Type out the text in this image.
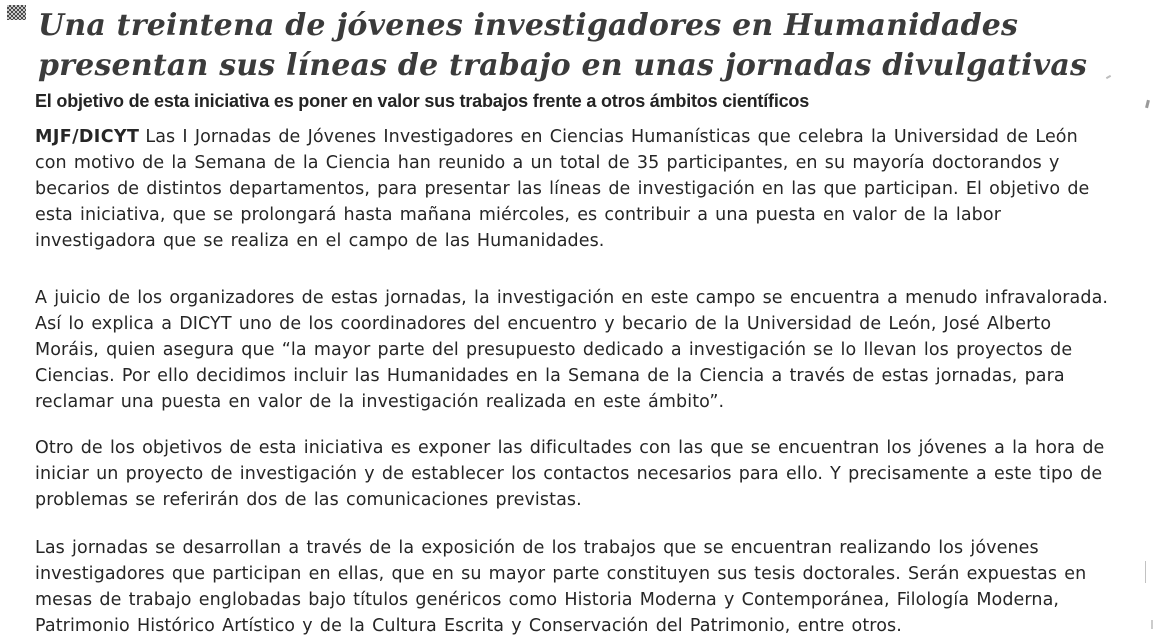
Una treintena de jóvenes investigadores en Humanidades
presentan sus líneas de trabajo en unas jornadas divulgativas
El objetivo de esta iniciativa es poner en valor sus trabajos frente a otros ámbitos científicos
MJF/DICYT Las I Jornadas de Jóvenes Investigadores en Ciencias Humanísticas que celebra la Universidad de León
con motivo de la Semana de la Ciencia han reunido a un total de 35 participantes, en su mayoría doctorandos y
becarios de distintos departamentos, para presentar las líneas de investigación en las que participan. El objetivo de
esta iniciativa, que se prolongará hasta mañana miércoles, es contribuir a una puesta en valor de la labor
investigadora que se realiza en el campo de las Humanidades.
A juicio de los organizadores de estas jornadas, la investigación en este campo se encuentra a menudo infravalorada.
Así lo explica a DICYT uno de los coordinadores del encuentro y becario de la Universidad de León, José Alberto
Moráis, quien asegura que “la mayor parte del presupuesto dedicado a investigación se lo llevan los proyectos de
Ciencias. Por ello decidimos incluir las Humanidades en la Semana de la Ciencia a través de estas jornadas, para
reclamar una puesta en valor de la investigación realizada en este ámbito”.
Otro de los objetivos de esta iniciativa es exponer las dificultades con las que se encuentran los jóvenes a la hora de
iniciar un proyecto de investigación y de establecer los contactos necesarios para ello. Y precisamente a este tipo de
problemas se referirán dos de las comunicaciones previstas.
Las jornadas se desarrollan a través de la exposición de los trabajos que se encuentran realizando los jóvenes
investigadores que participan en ellas, que en su mayor parte constituyen sus tesis doctorales. Serán expuestas en
mesas de trabajo englobadas bajo títulos genéricos como Historia Moderna y Contemporánea, Filología Moderna,
Patrimonio Histórico Artístico y de la Cultura Escrita y Conservación del Patrimonio, entre otros.
